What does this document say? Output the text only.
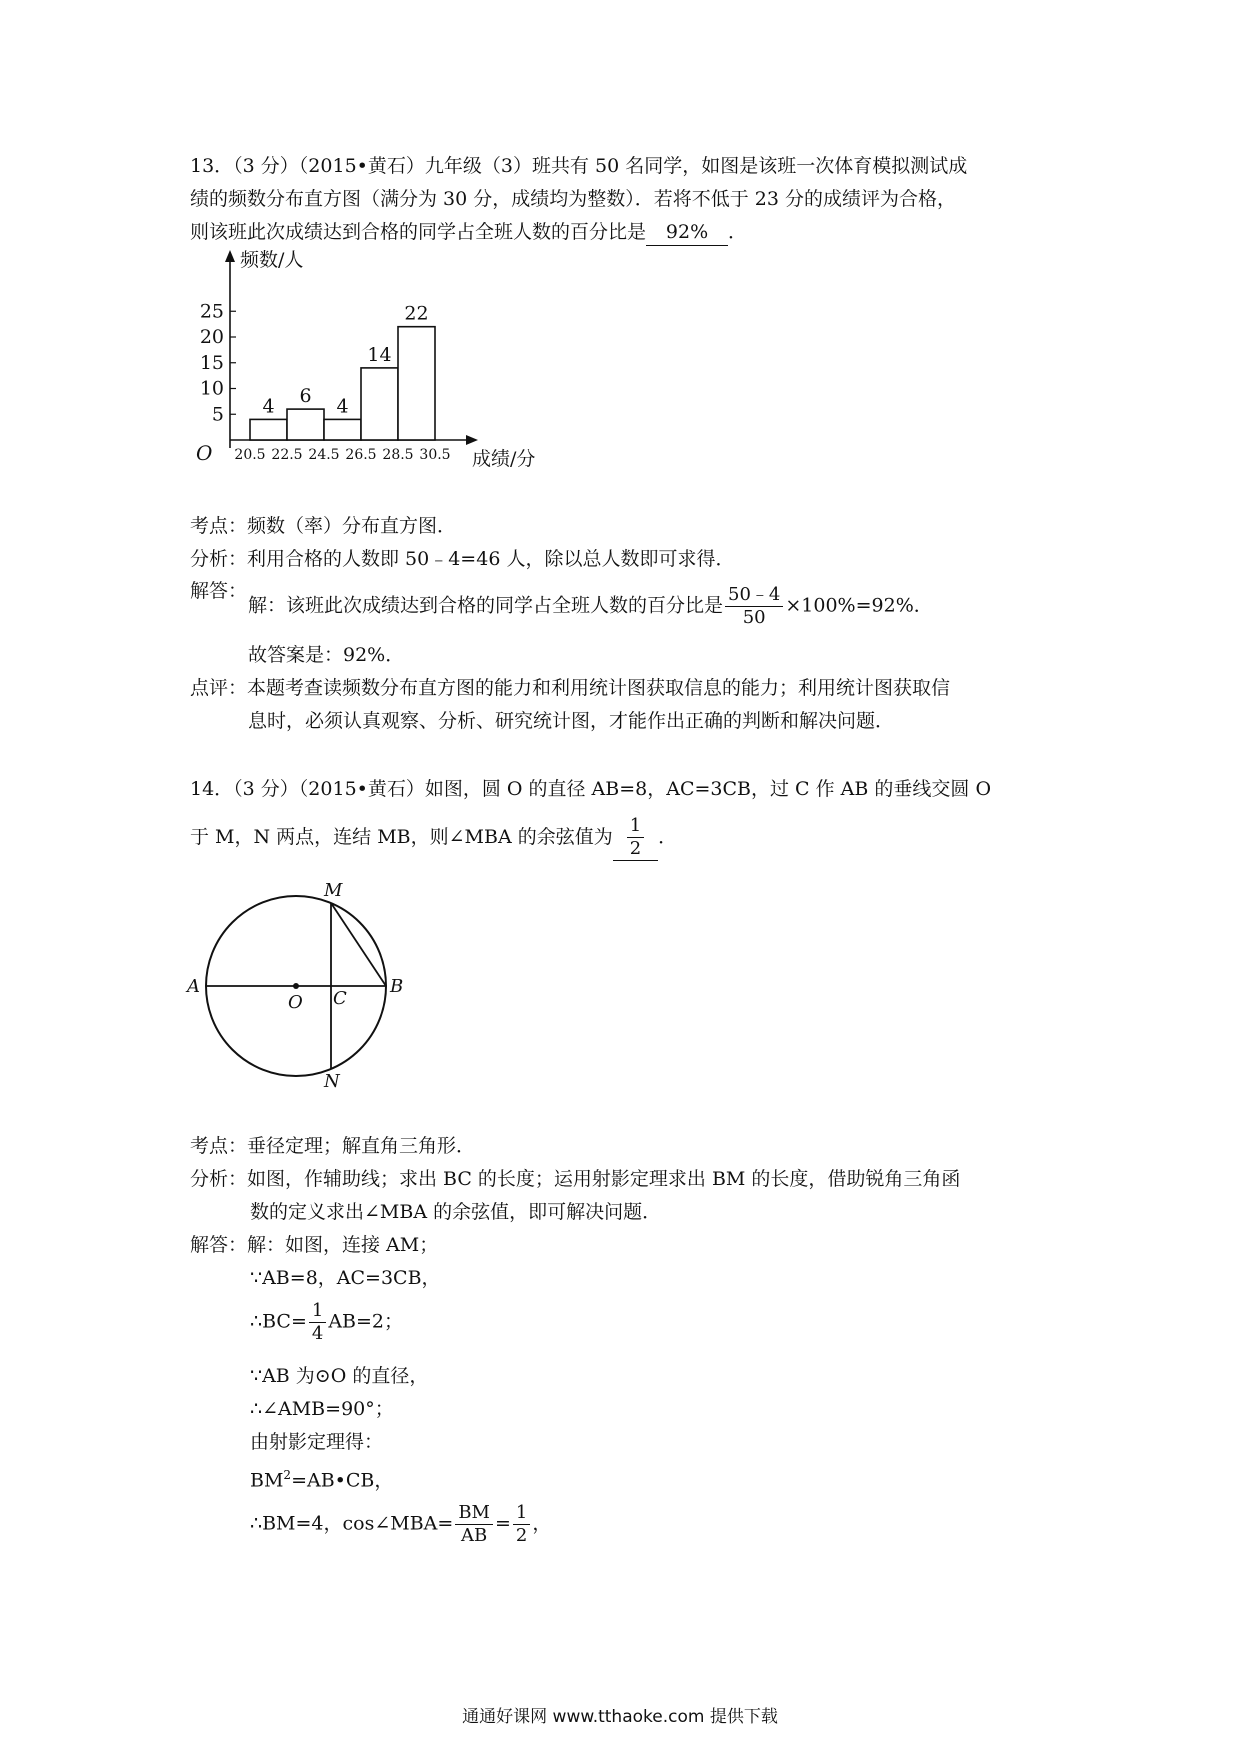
13．（3 分）（2015•黄石）九年级（3）班共有 50 名同学，如图是该班一次体育模拟测试成
绩的频数分布直方图（满分为 30 分，成绩均为整数）．若将不低于 23 分的成绩评为合格，
则该班此次成绩达到合格的同学占全班人数的百分比是 92% ．
频数/人
成绩/分
O
25
20
15
10
5 4 6 4
14
22
20.5 22.5 24.5 26.5 28.5 30.5
考点：频数（率）分布直方图．
分析：利用合格的人数即 50﹣4=46 人，除以总人数即可求得．
解答：
解：该班此次成绩达到合格的同学占全班人数的百分比是 $\frac{50﹣4}{50} \times 100\%=92\%$．
故答案是：92%．
点评：本题考查读频数分布直方图的能力和利用统计图获取信息的能力；利用统计图获取信
息时，必须认真观察、分析、研究统计图，才能作出正确的判断和解决问题．
14．（3 分）（2015•黄石）如图，圆 O 的直径 AB=8，AC=3CB，过 C 作 AB 的垂线交圆 O
于 M，N 两点，连结 MB，则∠MBA 的余弦值为 $\frac{1}{2}$ ．
M
N
A	B
O C
考点：垂径定理；解直角三角形．
分析：如图，作辅助线；求出 BC 的长度；运用射影定理求出 BM 的长度，借助锐角三角函
数的定义求出∠MBA 的余弦值，即可解决问题．
解答：解：如图，连接 AM；
∵AB=8，AC=3CB，
∴BC= $\frac{1}{4} AB=2$；
∵AB 为⊙O 的直径，
∴∠AMB=90°；
由射影定理得：
$BM^2=AB•CB$，
∴BM=4，cos∠MBA= $\frac{BM}{AB} = \frac{1}{2}$ ，
通通好课网 www.tthaoke.com 提供下载
